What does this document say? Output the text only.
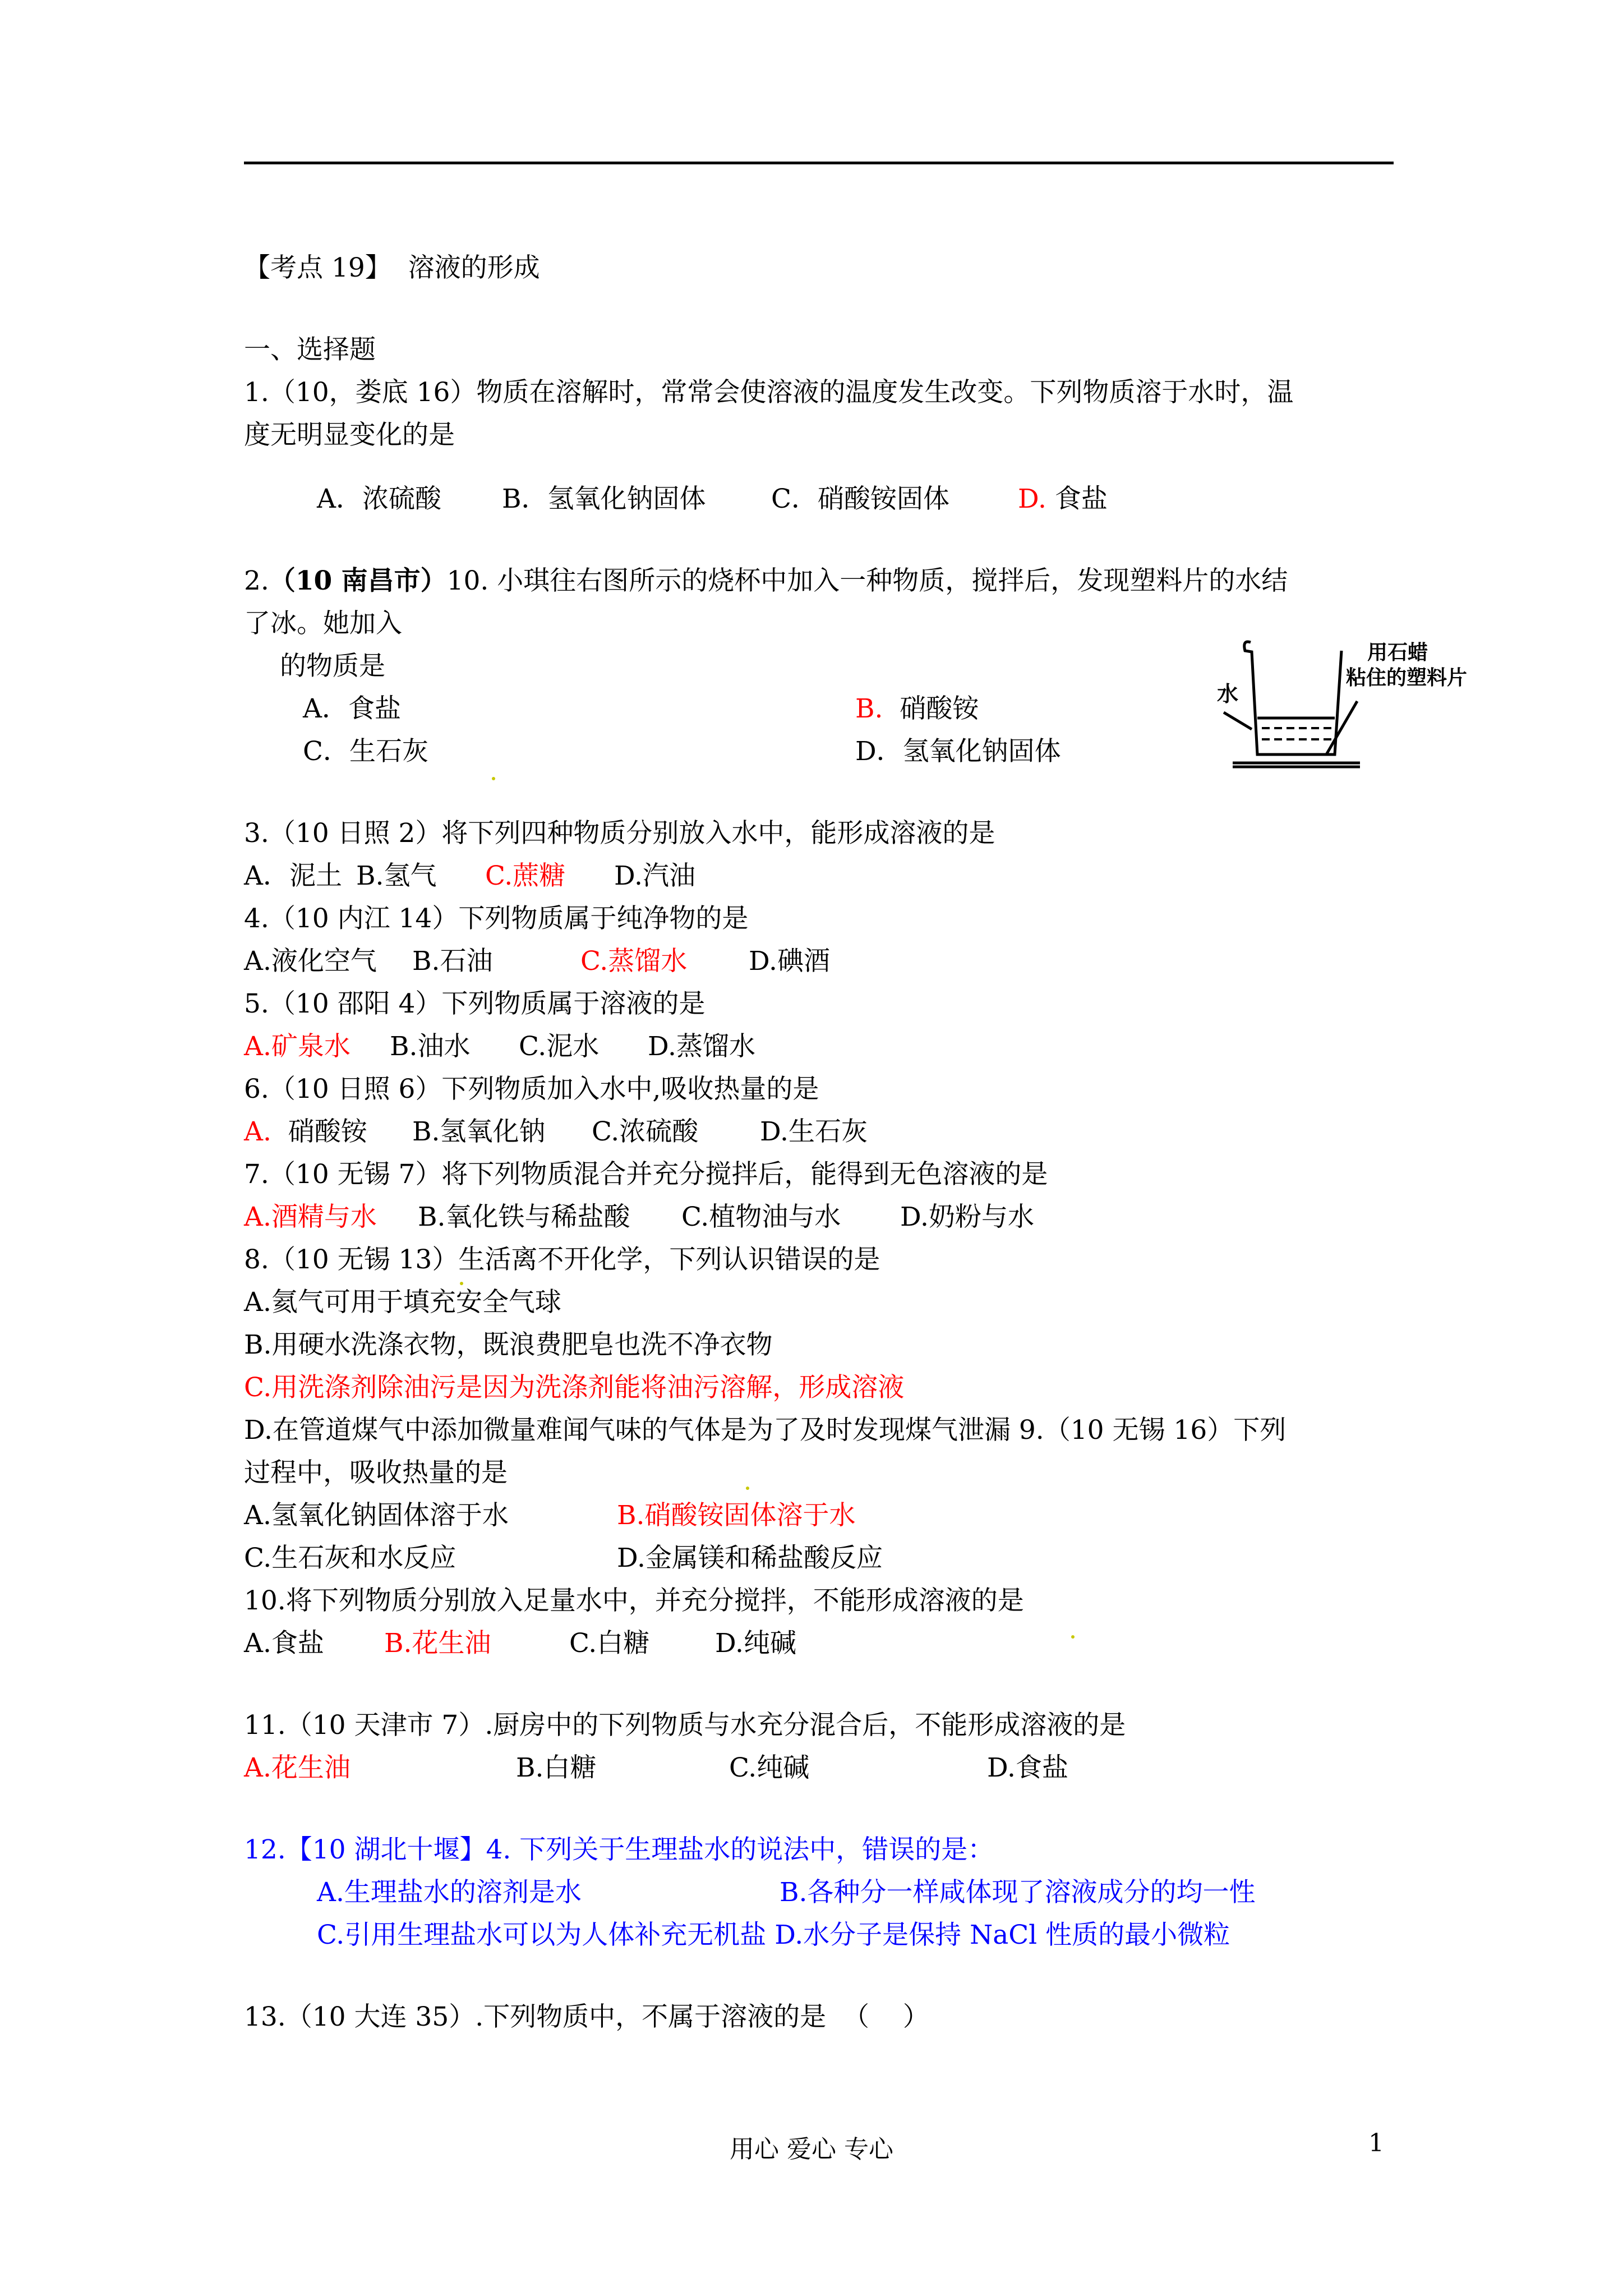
【考点 19】 溶液的形成
一、选择题
1.（10，娄底 16）物质在溶解时，常常会使溶液的温度发生改变。下列物质溶于水时，温
度无明显变化的是
A．浓硫酸 B．氢氧化钠固体 C．硝酸铵固体	D. 食盐
2.（10 南昌市）10. 小琪往右图所示的烧杯中加入一种物质，搅拌后，发现塑料片的水结
了冰。她加入
的物质是
A．食盐	B. 硝酸铵
C．生石灰	D．氢氧化钠固体
3.（10 日照 2）将下列四种物质分别放入水中，能形成溶液的是
A．泥土 B.氢气 C.蔗糖 D.汽油
4.（10 内江 14）下列物质属于纯净物的是
A.液化空气 B.石油	C.蒸馏水 D.碘酒
5.（10 邵阳 4）下列物质属于溶液的是
A.矿泉水 B.油水 C.泥水 D.蒸馏水
6.（10 日照 6）下列物质加入水中,吸收热量的是
A. 硝酸铵 B.氢氧化钠 C.浓硫酸 D.生石灰
7.（10 无锡 7）将下列物质混合并充分搅拌后，能得到无色溶液的是
A.酒精与水 B.氧化铁与稀盐酸 C.植物油与水 D.奶粉与水
8.（10 无锡 13）生活离不开化学，下列认识错误的是
A.氦气可用于填充安全气球
B.用硬水洗涤衣物，既浪费肥皂也洗不净衣物
C.用洗涤剂除油污是因为洗涤剂能将油污溶解，形成溶液
D.在管道煤气中添加微量难闻气味的气体是为了及时发现煤气泄漏 9.（10 无锡 16）下列
过程中，吸收热量的是
A.氢氧化钠固体溶于水	B.硝酸铵固体溶于水
C.生石灰和水反应	D.金属镁和稀盐酸反应
10.将下列物质分别放入足量水中，并充分搅拌，不能形成溶液的是
A.食盐 B.花生油	C.白糖 D.纯碱
11.（10 天津市 7）.厨房中的下列物质与水充分混合后，不能形成溶液的是
A.花生油	B.白糖	C.纯碱	D.食盐
12.【10 湖北十堰】4. 下列关于生理盐水的说法中，错误的是：
A.生理盐水的溶剂是水	B.各种分一样咸体现了溶液成分的均一性
C.引用生理盐水可以为人体补充无机盐 D.水分子是保持 NaCl 性质的最小微粒
13.（10 大连 35）.下列物质中，不属于溶液的是  （    ）
水
用石蜡
粘住的塑料片
用心 爱心 专心	1
